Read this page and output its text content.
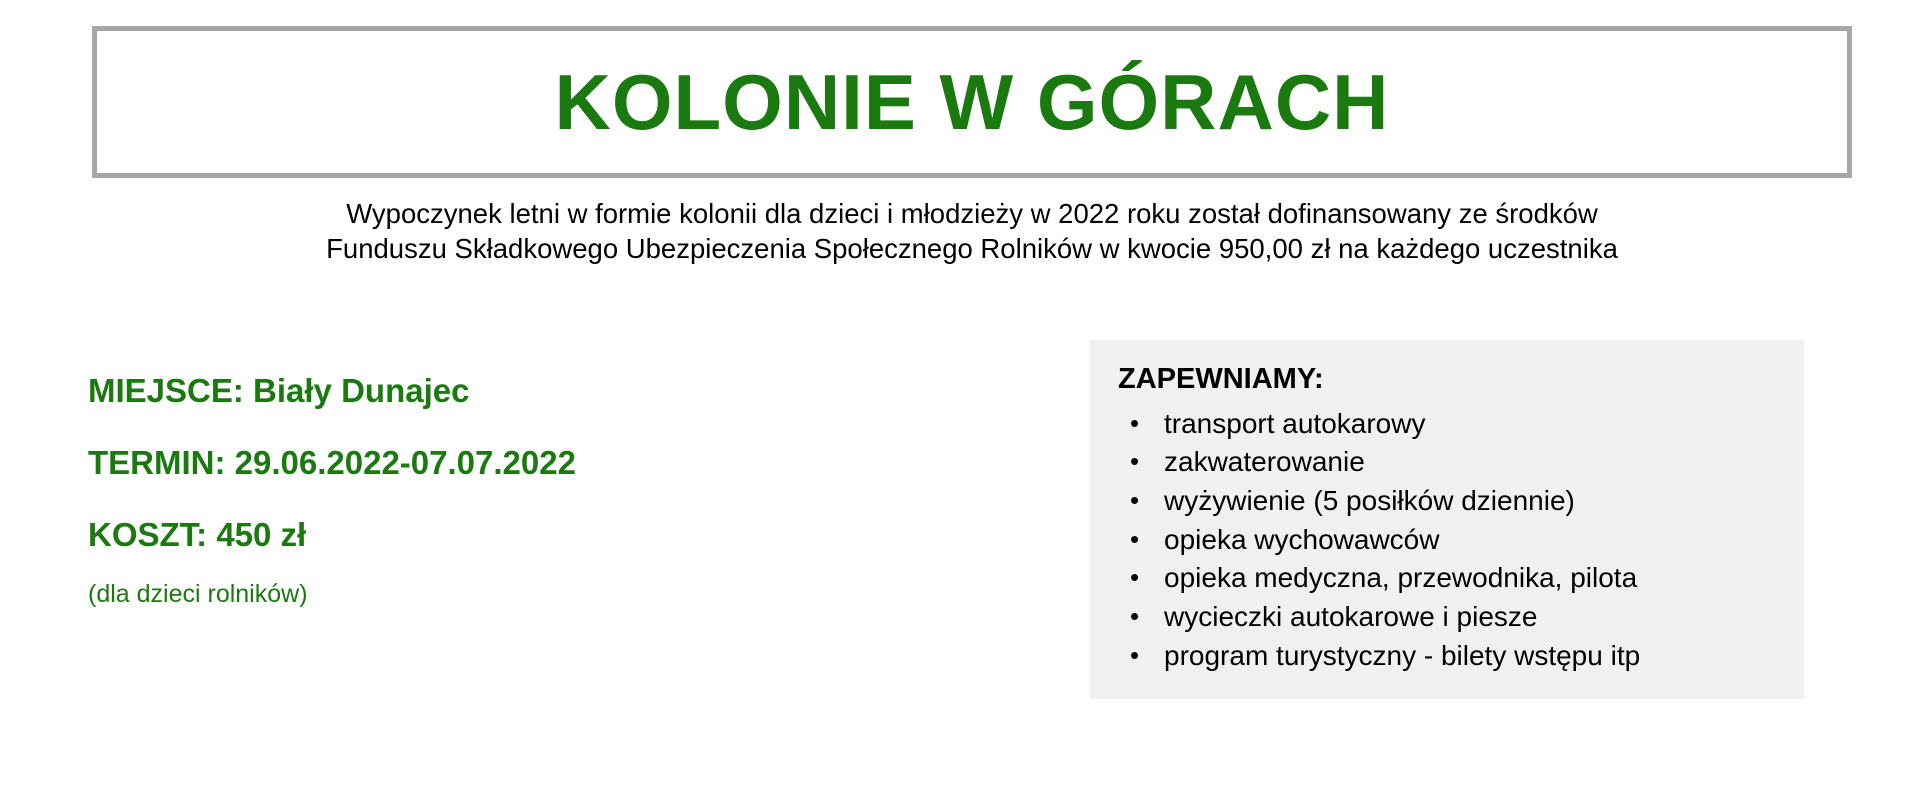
KOLONIE W GÓRACH
Wypoczynek letni w formie kolonii dla dzieci i młodzieży w 2022 roku został dofinansowany ze środków
Funduszu Składkowego Ubezpieczenia Społecznego Rolników w kwocie 950,00 zł na każdego uczestnika

MIEJSCE: Biały Dunajec

TERMIN: 29.06.2022-07.07.2022

KOSZT: 450 zł

(dla dzieci rolników)

ZAPEWNIAMY:

• transport autokarowy
• zakwaterowanie
• wyżywienie (5 posiłków dziennie)
• opieka wychowawców
• opieka medyczna, przewodnika, pilota
• wycieczki autokarowe i piesze
• program turystyczny - bilety wstępu itp
